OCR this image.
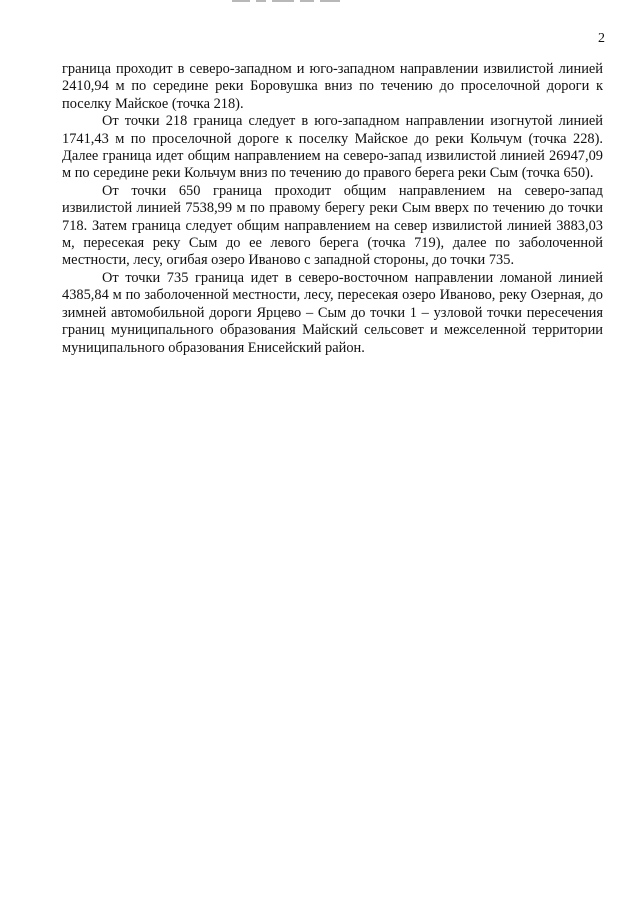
2

граница проходит в северо-западном и юго-западном направлении извилистой линией 2410,94 м по середине реки Боровушка вниз по течению до проселочной дороги к поселку Майское (точка 218).

От точки 218 граница следует в юго-западном направлении изогнутой линией 1741,43 м по проселочной дороге к поселку Майское до реки Кольчум (точка 228). Далее граница идет общим направлением на северо-запад извилистой линией 26947,09 м по середине реки Кольчум вниз по течению до правого берега реки Сым (точка 650).

От точки 650 граница проходит общим направлением на северо-запад извилистой линией 7538,99 м по правому берегу реки Сым вверх по течению до точки 718. Затем граница следует общим направлением на север извилистой линией 3883,03 м, пересекая реку Сым до ее левого берега (точка 719), далее по заболоченной местности, лесу, огибая озеро Иваново с западной стороны, до точки 735.

От точки 735 граница идет в северо-восточном направлении ломаной линией 4385,84 м по заболоченной местности, лесу, пересекая озеро Иваново, реку Озерная, до зимней автомобильной дороги Ярцево – Сым до точки 1 – узловой точки пересечения границ муниципального образования Майский сельсовет и межселенной территории муниципального образования Енисейский район.
